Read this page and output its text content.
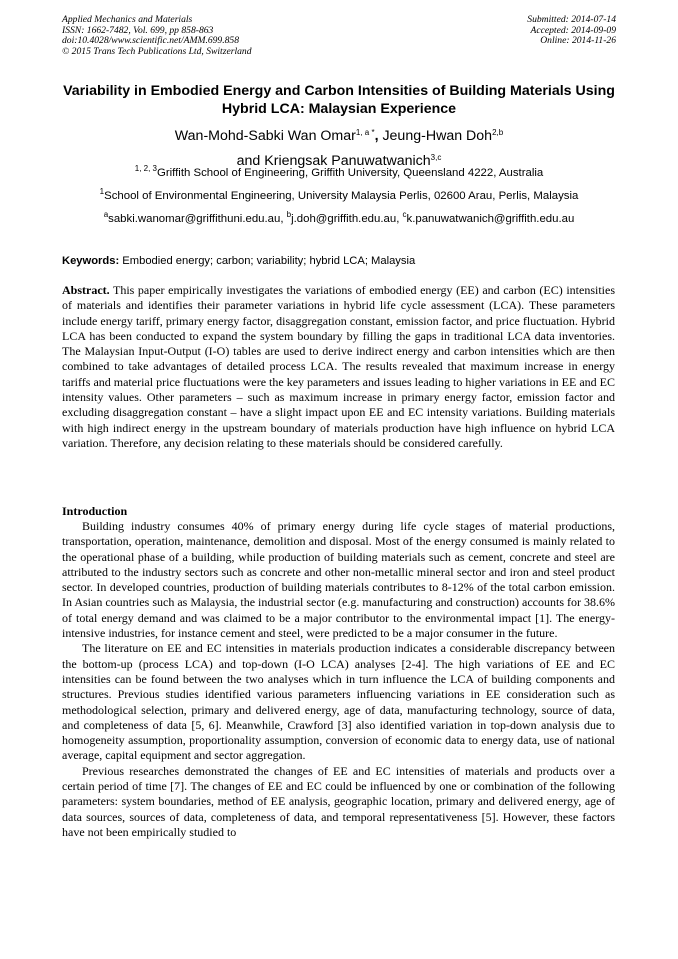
Applied Mechanics and Materials
ISSN: 1662-7482, Vol. 699, pp 858-863
doi:10.4028/www.scientific.net/AMM.699.858
© 2015 Trans Tech Publications Ltd, Switzerland
Submitted: 2014-07-14
Accepted: 2014-09-09
Online: 2014-11-26
Variability in Embodied Energy and Carbon Intensities of Building Materials Using Hybrid LCA: Malaysian Experience
Wan-Mohd-Sabki Wan Omar$^{1, a *}$, Jeung-Hwan Doh$^{2,b}$
and Kriengsak Panuwatwanich$^{3,c}$
$^{1, 2, 3}$Griffith School of Engineering, Griffith University, Queensland 4222, Australia
$^1$School of Environmental Engineering, University Malaysia Perlis, 02600 Arau, Perlis, Malaysia
$^a$sabki.wanomar@griffithuni.edu.au, $^b$j.doh@griffith.edu.au, $^c$k.panuwatwanich@griffith.edu.au
Keywords: Embodied energy; carbon; variability; hybrid LCA; Malaysia
Abstract. This paper empirically investigates the variations of embodied energy (EE) and carbon (EC) intensities of materials and identifies their parameter variations in hybrid life cycle assessment (LCA). These parameters include energy tariff, primary energy factor, disaggregation constant, emission factor, and price fluctuation. Hybrid LCA has been conducted to expand the system boundary by filling the gaps in traditional LCA data inventories. The Malaysian Input-Output (I-O) tables are used to derive indirect energy and carbon intensities which are then combined to take advantages of detailed process LCA. The results revealed that maximum increase in energy tariffs and material price fluctuations were the key parameters and issues leading to higher variations in EE and EC intensity values. Other parameters – such as maximum increase in primary energy factor, emission factor and excluding disaggregation constant – have a slight impact upon EE and EC intensity variations. Building materials with high indirect energy in the upstream boundary of materials production have high influence on hybrid LCA variation. Therefore, any decision relating to these materials should be considered carefully.
Introduction

Building industry consumes 40% of primary energy during life cycle stages of material productions, transportation, operation, maintenance, demolition and disposal. Most of the energy consumed is mainly related to the operational phase of a building, while production of building materials such as cement, concrete and steel are attributed to the industry sectors such as concrete and other non-metallic mineral sector and iron and steel product sector. In developed countries, production of building materials contributes to 8-12% of the total carbon emission. In Asian countries such as Malaysia, the industrial sector (e.g. manufacturing and construction) accounts for 38.6% of total energy demand and was claimed to be a major contributor to the environmental impact [1]. The energy-intensive industries, for instance cement and steel, were predicted to be a major consumer in the future.

The literature on EE and EC intensities in materials production indicates a considerable discrepancy between the bottom-up (process LCA) and top-down (I-O LCA) analyses [2-4]. The high variations of EE and EC intensities can be found between the two analyses which in turn influence the LCA of building components and structures. Previous studies identified various parameters influencing variations in EE consideration such as methodological selection, primary and delivered energy, age of data, manufacturing technology, source of data, and completeness of data [5, 6]. Meanwhile, Crawford [3] also identified variation in top-down analysis due to homogeneity assumption, proportionality assumption, conversion of economic data to energy data, use of national average, capital equipment and sector aggregation.

Previous researches demonstrated the changes of EE and EC intensities of materials and products over a certain period of time [7]. The changes of EE and EC could be influenced by one or combination of the following parameters: system boundaries, method of EE analysis, geographic location, primary and delivered energy, age of data sources, sources of data, completeness of data, and temporal representativeness [5]. However, these factors have not been empirically studied to
